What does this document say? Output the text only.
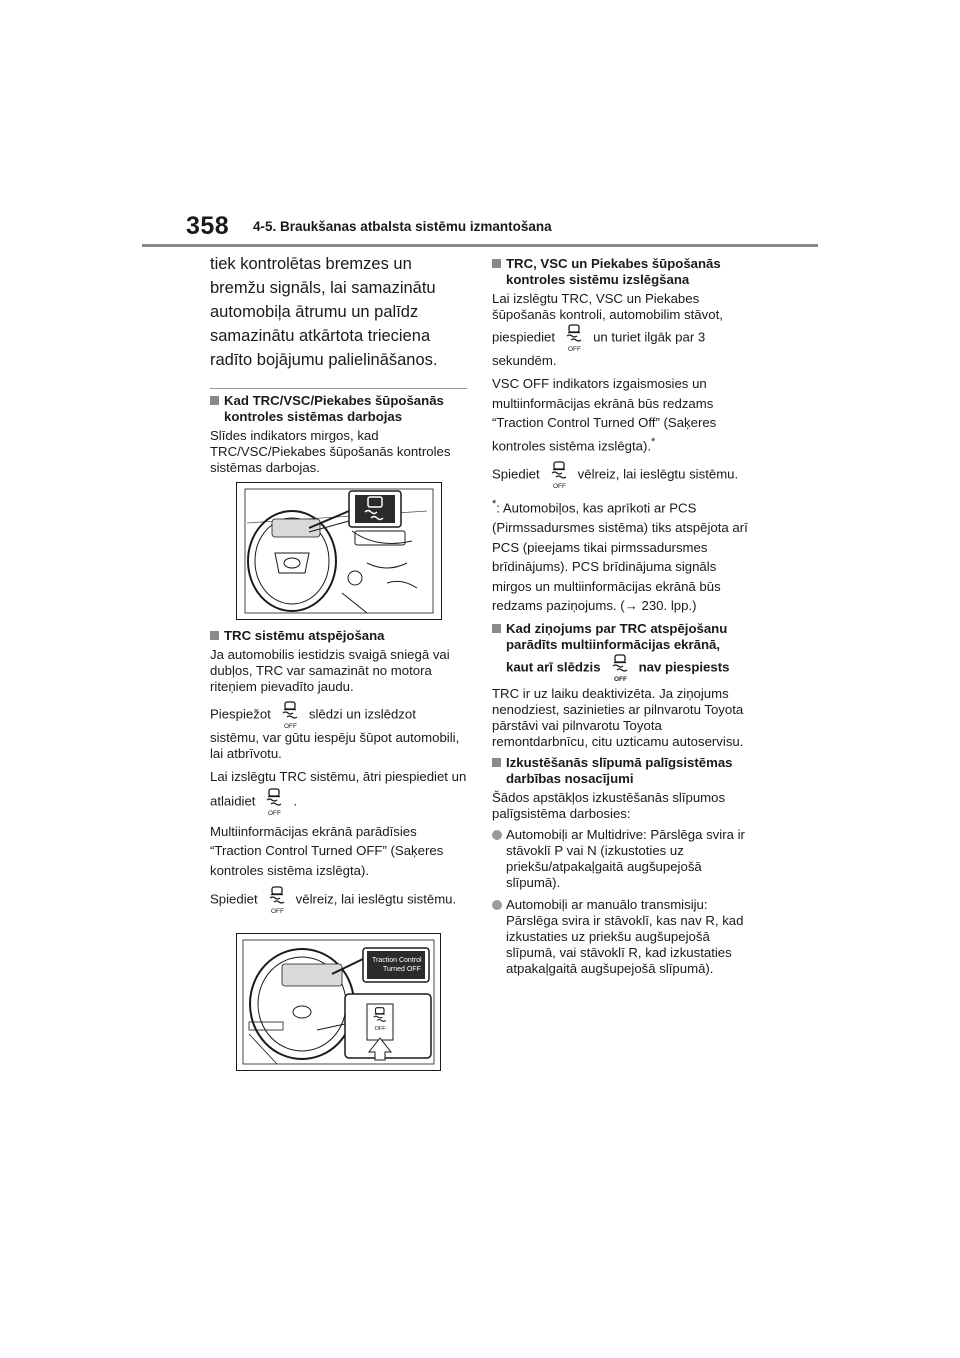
358 4-5. Braukšanas atbalsta sistēmu izmantošana

tiek kontrolētas bremzes un bremžu signāls, lai samazinātu automobiļa ātrumu un palīdz samazinātu atkārtota trieciena radīto bojājumu palielināšanos.

Kad TRC/VSC/Piekabes šūpošanās kontroles sistēmas darbojas

Slīdes indikators mirgos, kad TRC/VSC/Piekabes šūpošanās kontroles sistēmas darbojas.

TRC sistēmu atspējošana

Ja automobilis iestidzis svaigā sniegā vai dubļos, TRC var samazināt no motora riteņiem pievadīto jaudu.

Piespiežot	slēdzi un izslēdzot sistēmu, var gūtu iespēju šūpot automobili, lai atbrīvotu.

Lai izslēgtu TRC sistēmu, ātri piespiediet un atlaidiet	.

Multiinformācijas ekrānā parādīsies “Traction Control Turned OFF” (Saķeres kontroles sistēma izslēgta).

Spiediet	vēlreiz, lai ieslēgtu sistēmu.

Traction Control
Turned OFF
TRC, VSC un Piekabes šūpošanās kontroles sistēmu izslēgšana

Lai izslēgtu TRC, VSC un Piekabes šūpošanās kontroli, automobilim stāvot, piespiediet	un turiet ilgāk par 3 sekundēm.

VSC OFF indikators izgaismosies un multiinformācijas ekrānā būs redzams “Traction Control Turned Off” (Saķeres kontroles sistēma izslēgta).*

Spiediet	vēlreiz, lai ieslēgtu sistēmu.

*: Automobiļos, kas aprīkoti ar PCS (Pirmssadursmes sistēma) tiks atspējota arī PCS (pieejams tikai pirmssadursmes brīdinājums). PCS brīdinājuma signāls mirgos un multiinformācijas ekrānā būs redzams paziņojums. (→ 230. lpp.)

Kad ziņojums par TRC atspējošanu parādīts multiinformācijas ekrānā, kaut arī slēdzis	nav piespiests

TRC ir uz laiku deaktivizēta. Ja ziņojums nenodziest, sazinieties ar pilnvarotu Toyota pārstāvi vai pilnvarotu Toyota remontdarbnīcu, citu uzticamu autoservisu.

Izkustēšanās slīpumā palīgsistēmas darbības nosacījumi

Šādos apstākļos izkustēšanās slīpumos palīgsistēma darbosies:

Automobiļi ar Multidrive: Pārslēga svira ir stāvoklī P vai N (izkustoties uz priekšu/atpakaļgaitā augšupejošā slīpumā).
Automobiļi ar manuālo transmisiju: Pārslēga svira ir stāvoklī, kas nav R, kad izkustaties uz priekšu augšupejošā slīpumā, vai stāvoklī R, kad izkustaties atpakaļgaitā augšupejošā slīpumā).
